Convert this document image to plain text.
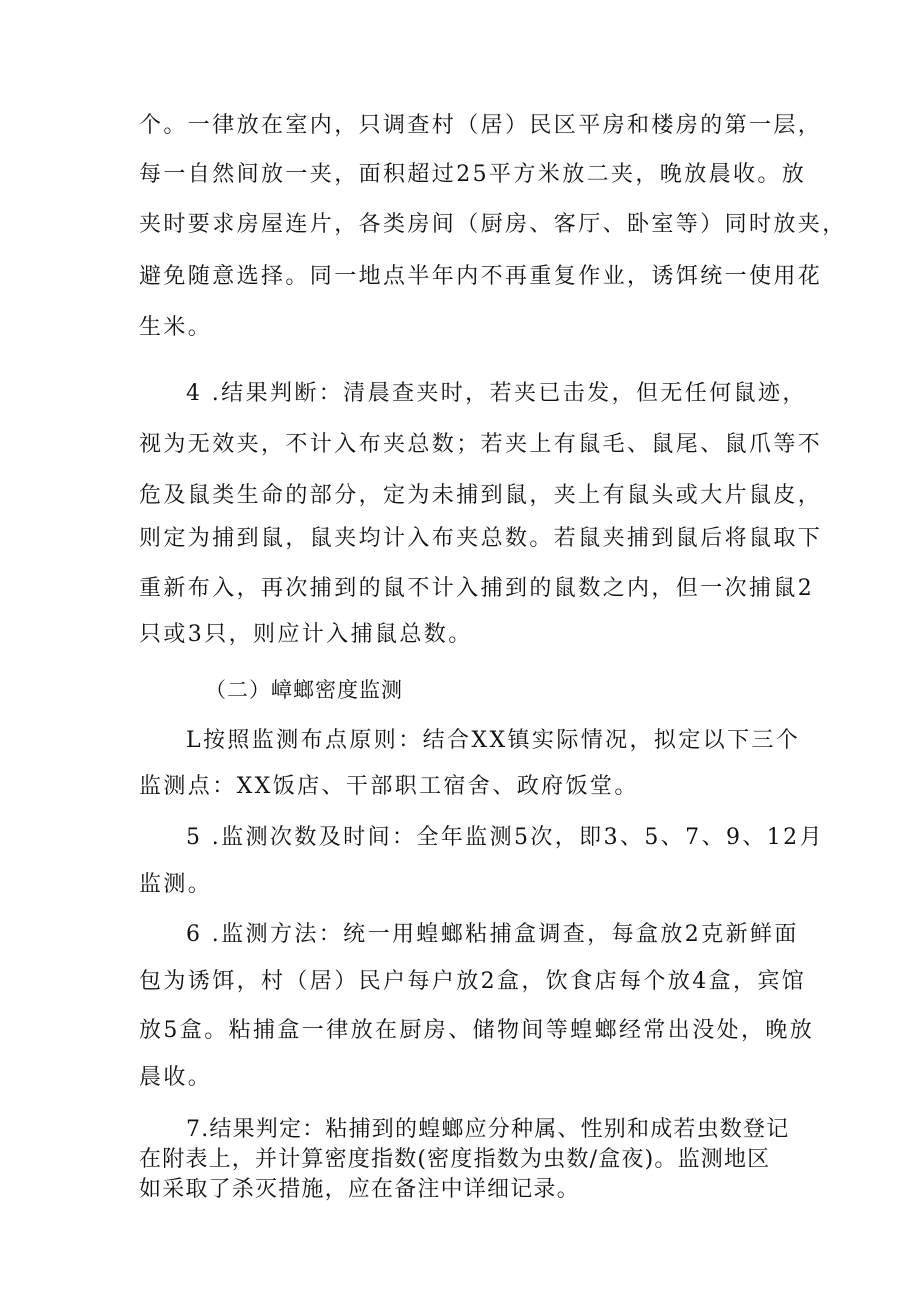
个。一律放在室内，只调查村（居）民区平房和楼房的第一层，

每一自然间放一夹，面积超过25平方米放二夹，晚放晨收。放

夹时要求房屋连片，各类房间（厨房、客厅、卧室等）同时放夹，

避免随意选择。同一地点半年内不再重复作业，诱饵统一使用花

生米。

4 .结果判断：清晨查夹时，若夹已击发，但无任何鼠迹，

视为无效夹，不计入布夹总数；若夹上有鼠毛、鼠尾、鼠爪等不

危及鼠类生命的部分，定为未捕到鼠，夹上有鼠头或大片鼠皮，

则定为捕到鼠，鼠夹均计入布夹总数。若鼠夹捕到鼠后将鼠取下

重新布入，再次捕到的鼠不计入捕到的鼠数之内，但一次捕鼠2

只或3只，则应计入捕鼠总数。

（二）嶂螂密度监测

L按照监测布点原则：结合XX镇实际情况，拟定以下三个

监测点：XX饭店、干部职工宿舍、政府饭堂。

5 .监测次数及时间：全年监测5次，即3、5、7、9、12月

监测。

6 .监测方法：统一用蝗螂粘捕盒调查，每盒放2克新鲜面

包为诱饵，村（居）民户每户放2盒，饮食店每个放4盒，宾馆

放5盒。粘捕盒一律放在厨房、储物间等蝗螂经常出没处，晚放

晨收。

7.结果判定：粘捕到的蝗螂应分种属、性别和成若虫数登记

在附表上，并计算密度指数(密度指数为虫数/盒夜)。监测地区

如采取了杀灭措施，应在备注中详细记录。
